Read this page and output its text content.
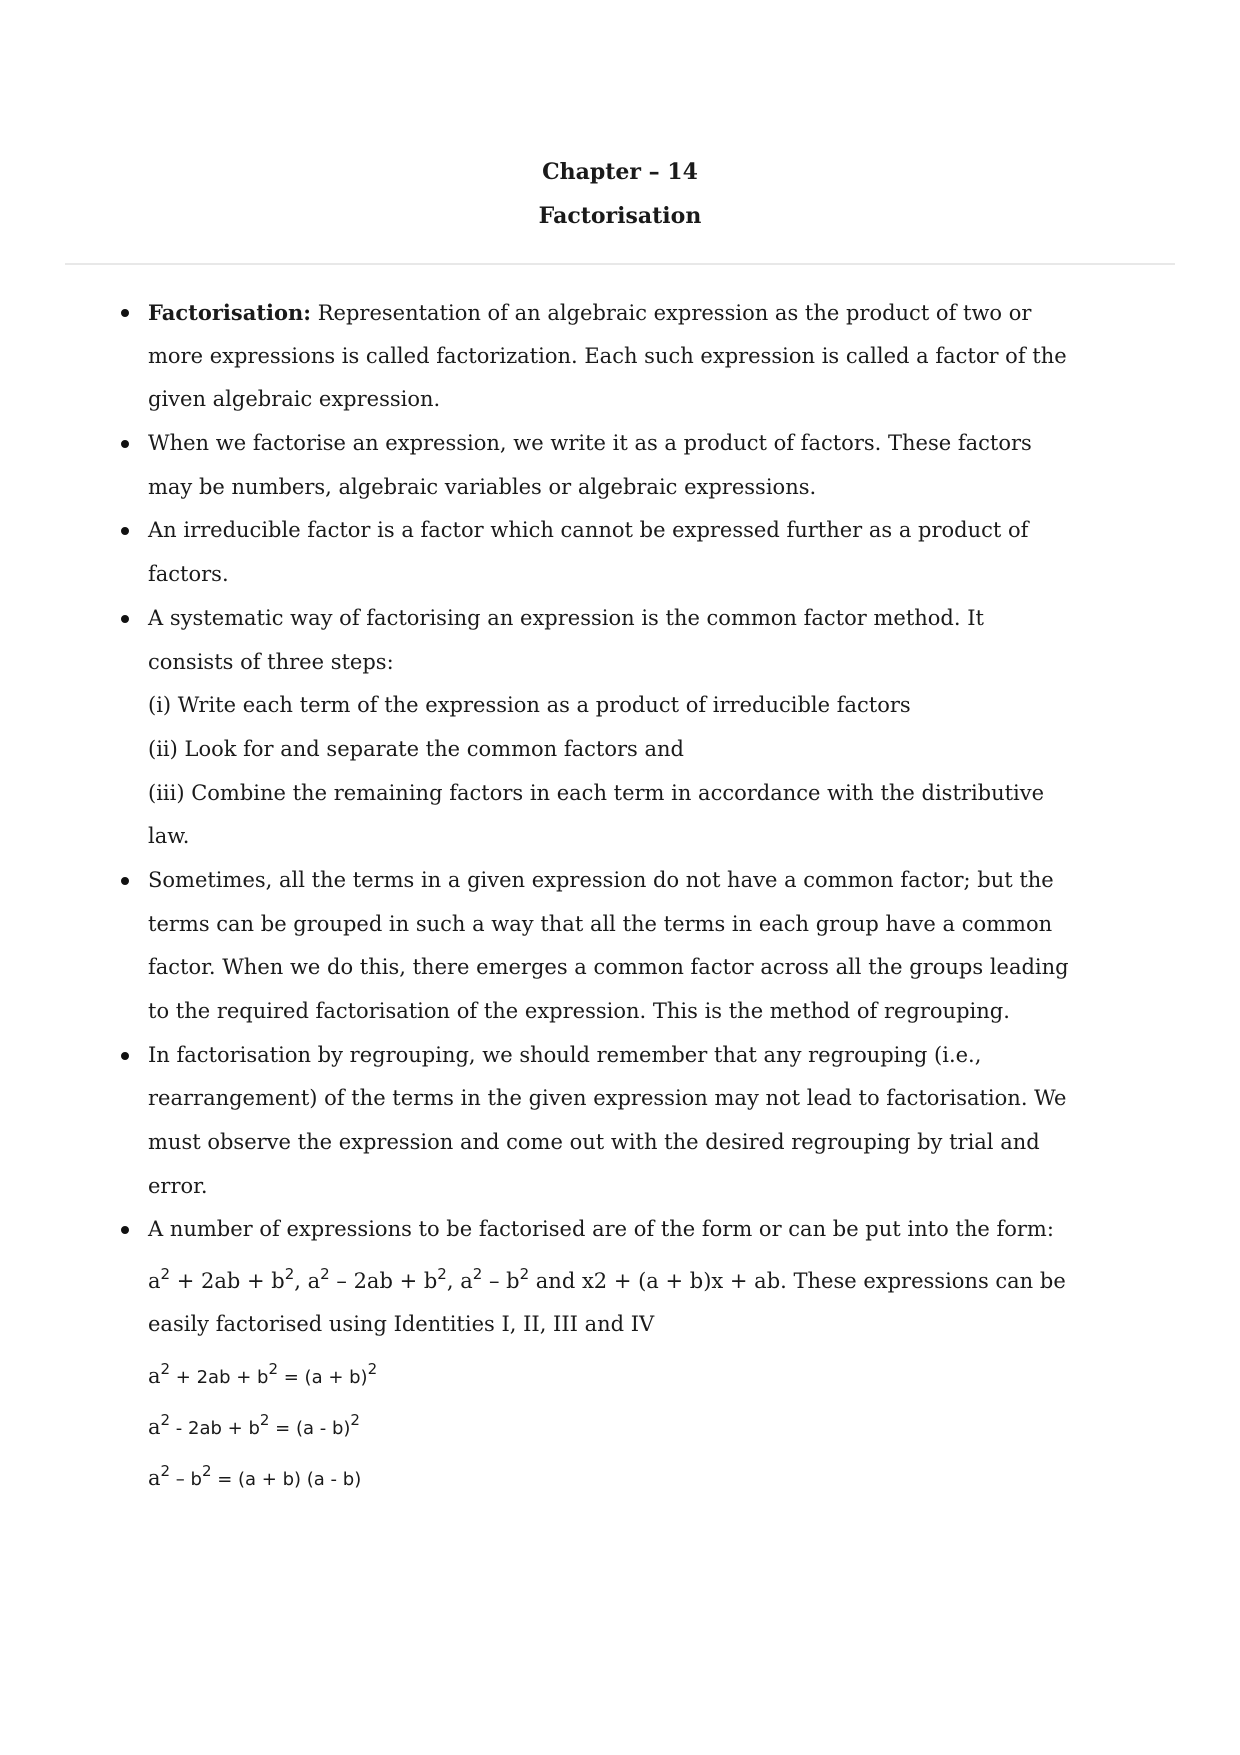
Chapter – 14
Factorisation
Factorisation: Representation of an algebraic expression as the product of two or
more expressions is called factorization. Each such expression is called a factor of the
given algebraic expression.
When we factorise an expression, we write it as a product of factors. These factors
may be numbers, algebraic variables or algebraic expressions.
An irreducible factor is a factor which cannot be expressed further as a product of
factors.
A systematic way of factorising an expression is the common factor method. It
consists of three steps:
(i) Write each term of the expression as a product of irreducible factors
(ii) Look for and separate the common factors and
(iii) Combine the remaining factors in each term in accordance with the distributive
law.
Sometimes, all the terms in a given expression do not have a common factor; but the
terms can be grouped in such a way that all the terms in each group have a common
factor. When we do this, there emerges a common factor across all the groups leading
to the required factorisation of the expression. This is the method of regrouping.
In factorisation by regrouping, we should remember that any regrouping (i.e.,
rearrangement) of the terms in the given expression may not lead to factorisation. We
must observe the expression and come out with the desired regrouping by trial and
error.
A number of expressions to be factorised are of the form or can be put into the form:
$a^2 + 2ab + b^2$, $a^2 - 2ab + b^2$, $a^2 - b^2$ and x2 + (a + b)x + ab. These expressions can be
easily factorised using Identities I, II, III and IV
$a^2 + 2ab + b^2 = (a + b)^2$
$a^2 - 2ab + b^2 = (a - b)^2$
$a^2 - b^2 = (a + b)$ (a - b)
